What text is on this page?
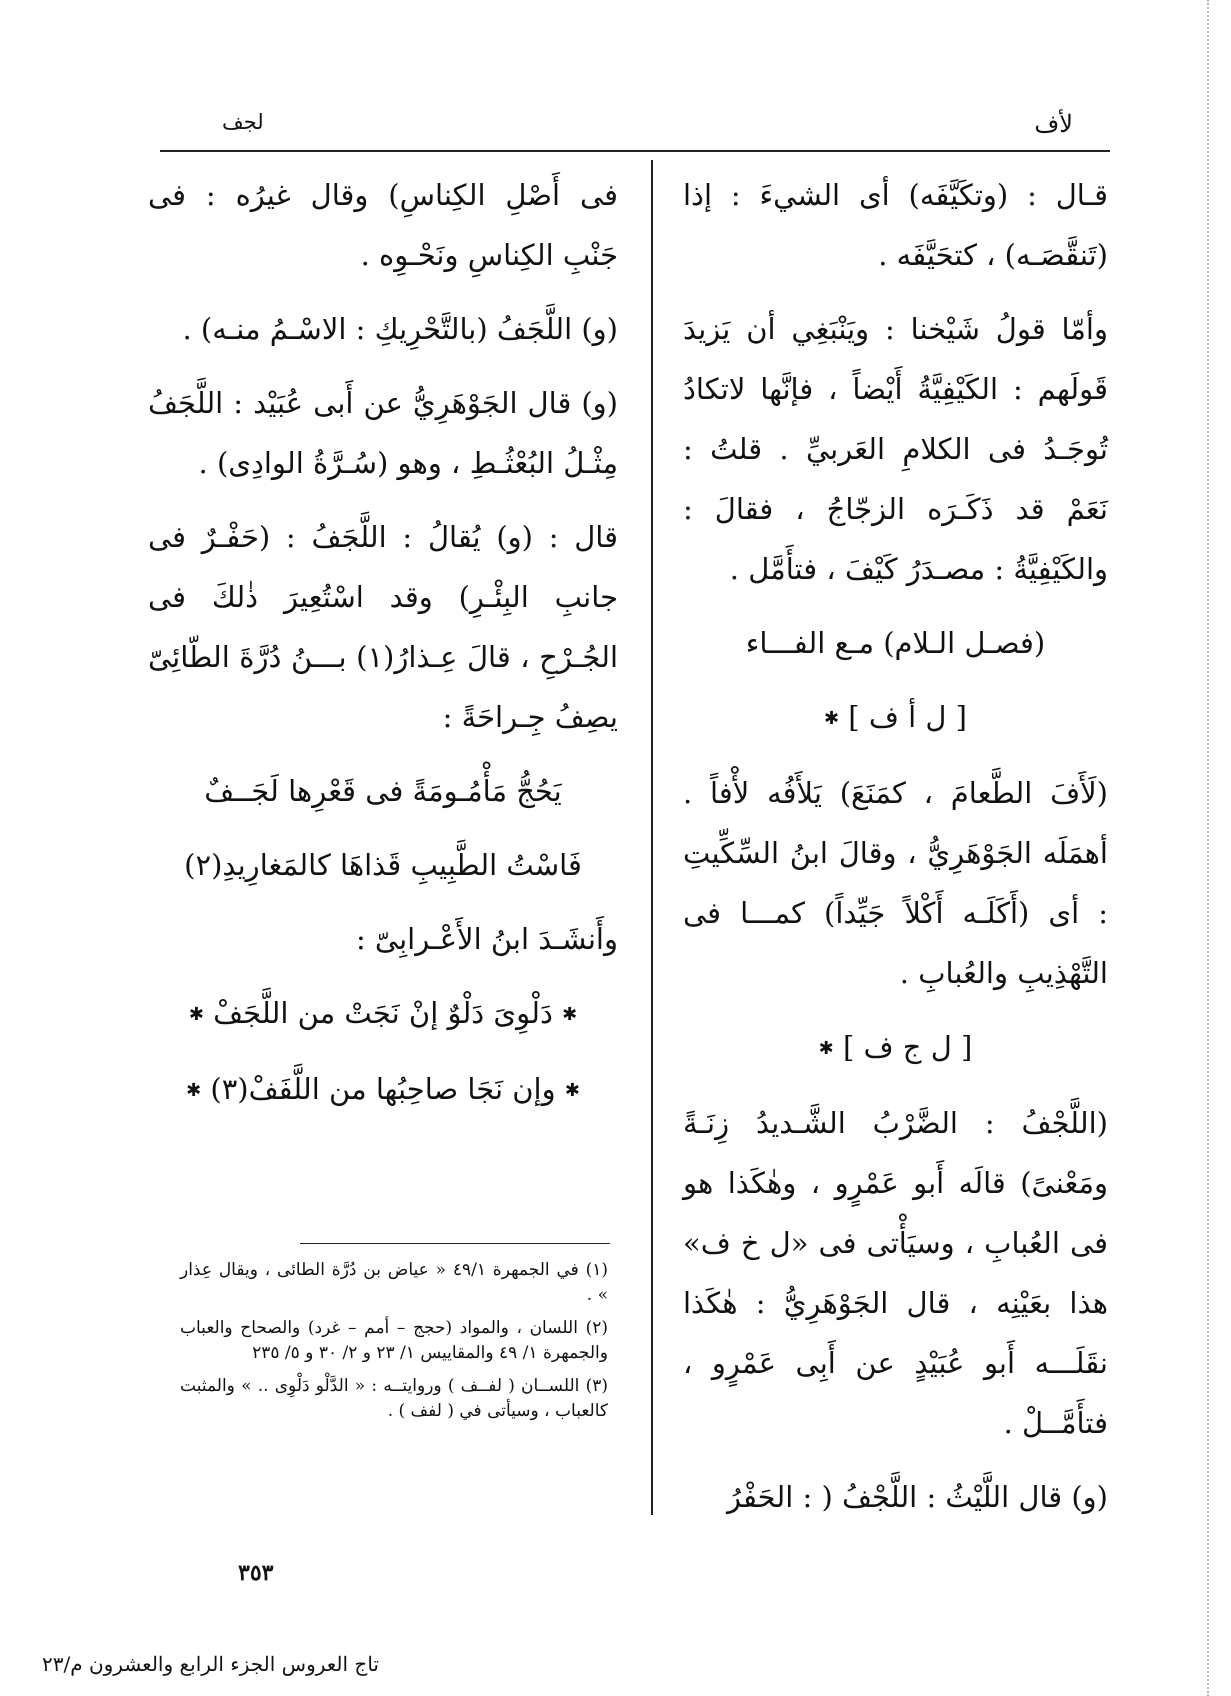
لأف
لجف

قـال : (وتكَيَّفَه) أى الشيءَ : إذا (تَنقَّصَـه) ، كتحَيَّفَه .

وأمّا قولُ شَيْخنا : ويَنْبَغِي أن يَزيدَ قَولَهم : الكَيْفِيَّةُ أَيْضاً ، فإنَّها لاتكادُ تُوجَـدُ فى الكلامِ العَربيِّ . قلتُ : نَعَمْ قد ذَكَـرَه الزجّاجُ ، فقالَ : والكَيْفِيَّةُ : مصـدَرُ كَيْفَ ، فتأَمَّل .

(فصـل الـلام) مـع الفـــاء

[ ل أ ف ] ✱

(لَأَفَ الطَّعامَ ، كمَنَعَ) يَلأَفُه لأْفاً . أهمَلَه الجَوْهَرِيُّ ، وقالَ ابنُ السِّكِّيتِ : أى (أَكَلَـه أَكْلاً جَيِّداً) كمـــا فى التَّهْذِيبِ والعُبابِ .

[ ل ج ف ] ✱

(اللَّجْفُ : الضَّرْبُ الشَّـديدُ زِنَـةً ومَعْنىً) قالَه أَبو عَمْرٍو ، وهٰكَذا هو فى العُبابِ ، وسيَأْتى فى «ل خ ف» هذا بعَيْنِه ، قال الجَوْهَرِيُّ : هٰكَذا نقَلَـــه أَبو عُبَيْدٍ عن أَبِى عَمْرٍو ، فتأَمَّــلْ .

(و) قال اللَّيْثُ : اللَّجْفُ ( : الحَفْرُ

فى أَصْلِ الكِناسِ) وقال غيرُه : فى جَنْبِ الكِناسِ ونَحْـوِه .

(و) اللَّجَفُ (بالتَّحْرِيكِ : الاسْـمُ منـه) .

(و) قال الجَوْهَرِيُّ عن أَبى عُبَيْد : اللَّجَفُ مِثْـلُ البُعْثُـطِ ، وهو (سُـرَّةُ الوادِى) .

قال : (و) يُقالُ : اللَّجَفُ : (حَفْـرٌ فى جانبِ البِئْـرِ) وقد اسْتُعِيرَ ذٰلكَ فى الجُـرْحِ ، قالَ عِـذارُ(١) بـــنُ دُرَّةَ الطّائِىّ يصِفُ جِـراحَةً :

يَحُجُّ مَأْمُـومَةً فى قَعْرِها لَجَــفٌ

فَاسْتُ الطَّبِيبِ قَذاهَا كالمَغارِيدِ(٢)

وأَنشَـدَ ابنُ الأَعْـرابِىّ :

✱ دَلْوِىَ دَلْوٌ إنْ نَجَتْ من اللَّجَفْ ✱

✱ وإن نَجَا صاحِبُها من اللَّفَفْ(٣) ✱

(١) في الجمهرة ٤٩/١ « عياض بن دُرَّة الطائى ، ويقال عِذار » .

(٢) اللسان ، والمواد (حجج – أمم – غرد) والصحاح والعباب والجمهرة ١/ ٤٩ والمقاييس ١/ ٢٣ و ٢/ ٣٠ و ٥/ ٢٣٥

(٣) اللســان ( لفــف ) وروايتــه : « الدَّلْو دَلْوِى .. » والمثبت كالعباب ، وسيأتى في ( لفف ) .

٣٥٣
تاج العروس الجزء الرابع والعشرون م/٢٣
